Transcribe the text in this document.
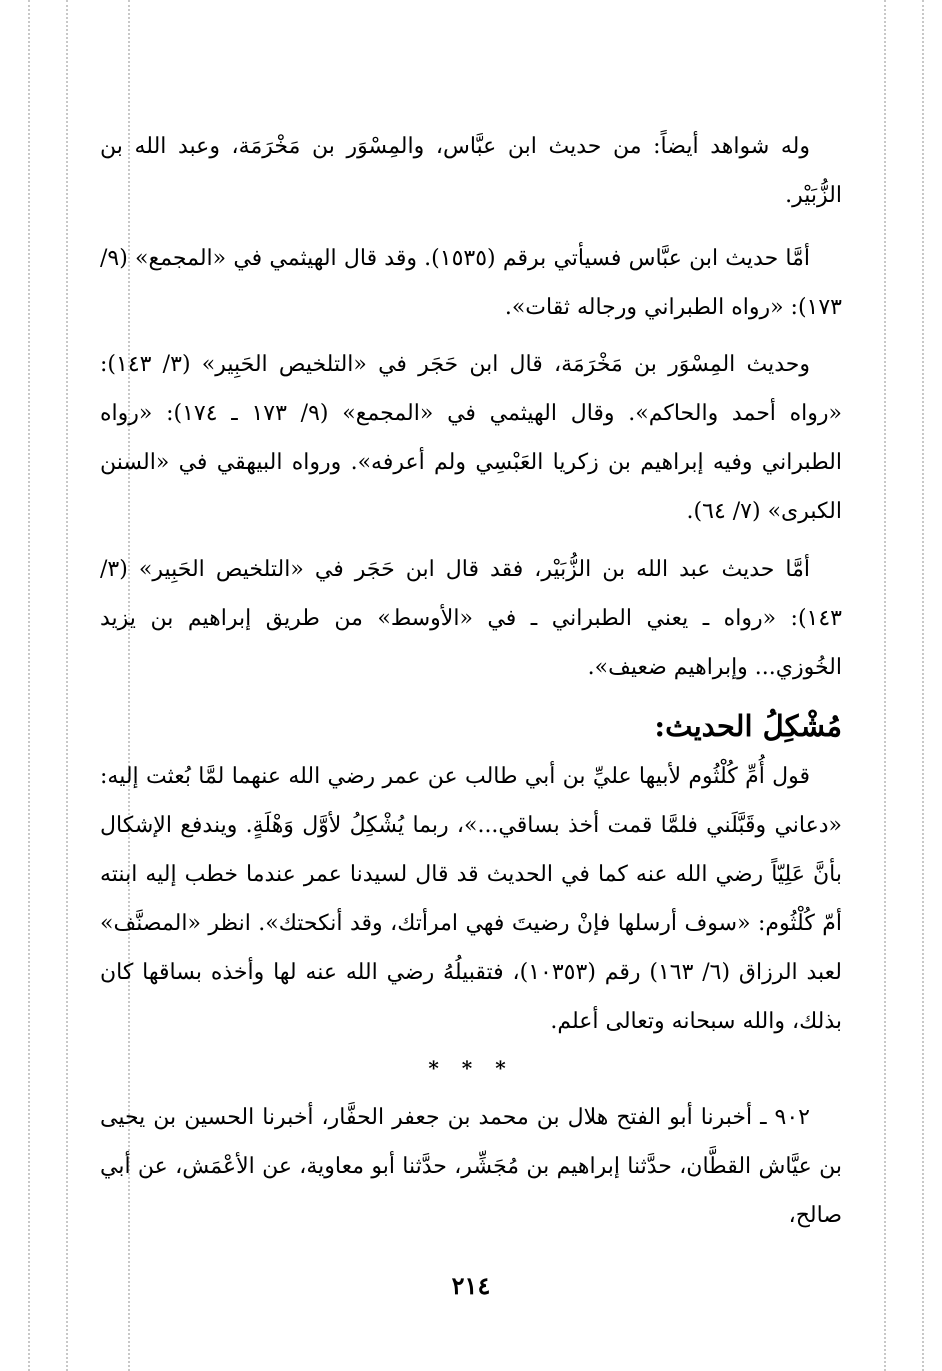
وله شواهد أيضاً: من حديث ابن عبَّاس، والمِسْوَر بن مَخْرَمَة، وعبد الله بن الزُّبَيْر.

أمَّا حديث ابن عبَّاس فسيأتي برقم (١٥٣٥). وقد قال الهيثمي في «المجمع» (٩/ ١٧٣): «رواه الطبراني ورجاله ثقات».

وحديث المِسْوَر بن مَخْرَمَة، قال ابن حَجَر في «التلخيص الحَبِير» (٣/ ١٤٣): «رواه أحمد والحاكم». وقال الهيثمي في «المجمع» (٩/ ١٧٣ ـ ١٧٤): «رواه الطبراني وفيه إبراهيم بن زكريا العَبْسِي ولم أعرفه». ورواه البيهقي في «السنن الكبرى» (٧/ ٦٤).

أمَّا حديث عبد الله بن الزُّبَيْر، فقد قال ابن حَجَر في «التلخيص الحَبِير» (٣/ ١٤٣): «رواه ـ يعني الطبراني ـ في «الأوسط» من طريق إبراهيم بن يزيد الخُوزي... وإبراهيم ضعيف».

مُشْكِلُ الحديث:

قول أُمِّ كُلْثُوم لأبيها عليِّ بن أبي طالب عن عمر رضي الله عنهما لمَّا بُعثت إليه: «دعاني وقَبَّلَني فلمَّا قمت أخذ بساقي...»، ربما يُشْكِلُ لأوَّل وَهْلَةٍ. ويندفع الإشكال بأنَّ عَلِيّاً رضي الله عنه كما في الحديث قد قال لسيدنا عمر عندما خطب إليه ابنته أمّ كُلْثُوم: «سوف أرسلها فإنْ رضيتَ فهي امرأتك، وقد أنكحتك». انظر «المصنَّف» لعبد الرزاق (٦/ ١٦٣) رقم (١٠٣٥٣)، فتقبيلُهُ رضي الله عنه لها وأخذه بساقها كان بذلك، والله سبحانه وتعالى أعلم.

* * *

٩٠٢ ـ أخبرنا أبو الفتح هلال بن محمد بن جعفر الحفَّار، أخبرنا الحسين بن يحيى بن عيَّاش القطَّان، حدَّثنا إبراهيم بن مُجَشِّر، حدَّثنا أبو معاوية، عن الأعْمَش، عن أبي صالح،

٢١٤
